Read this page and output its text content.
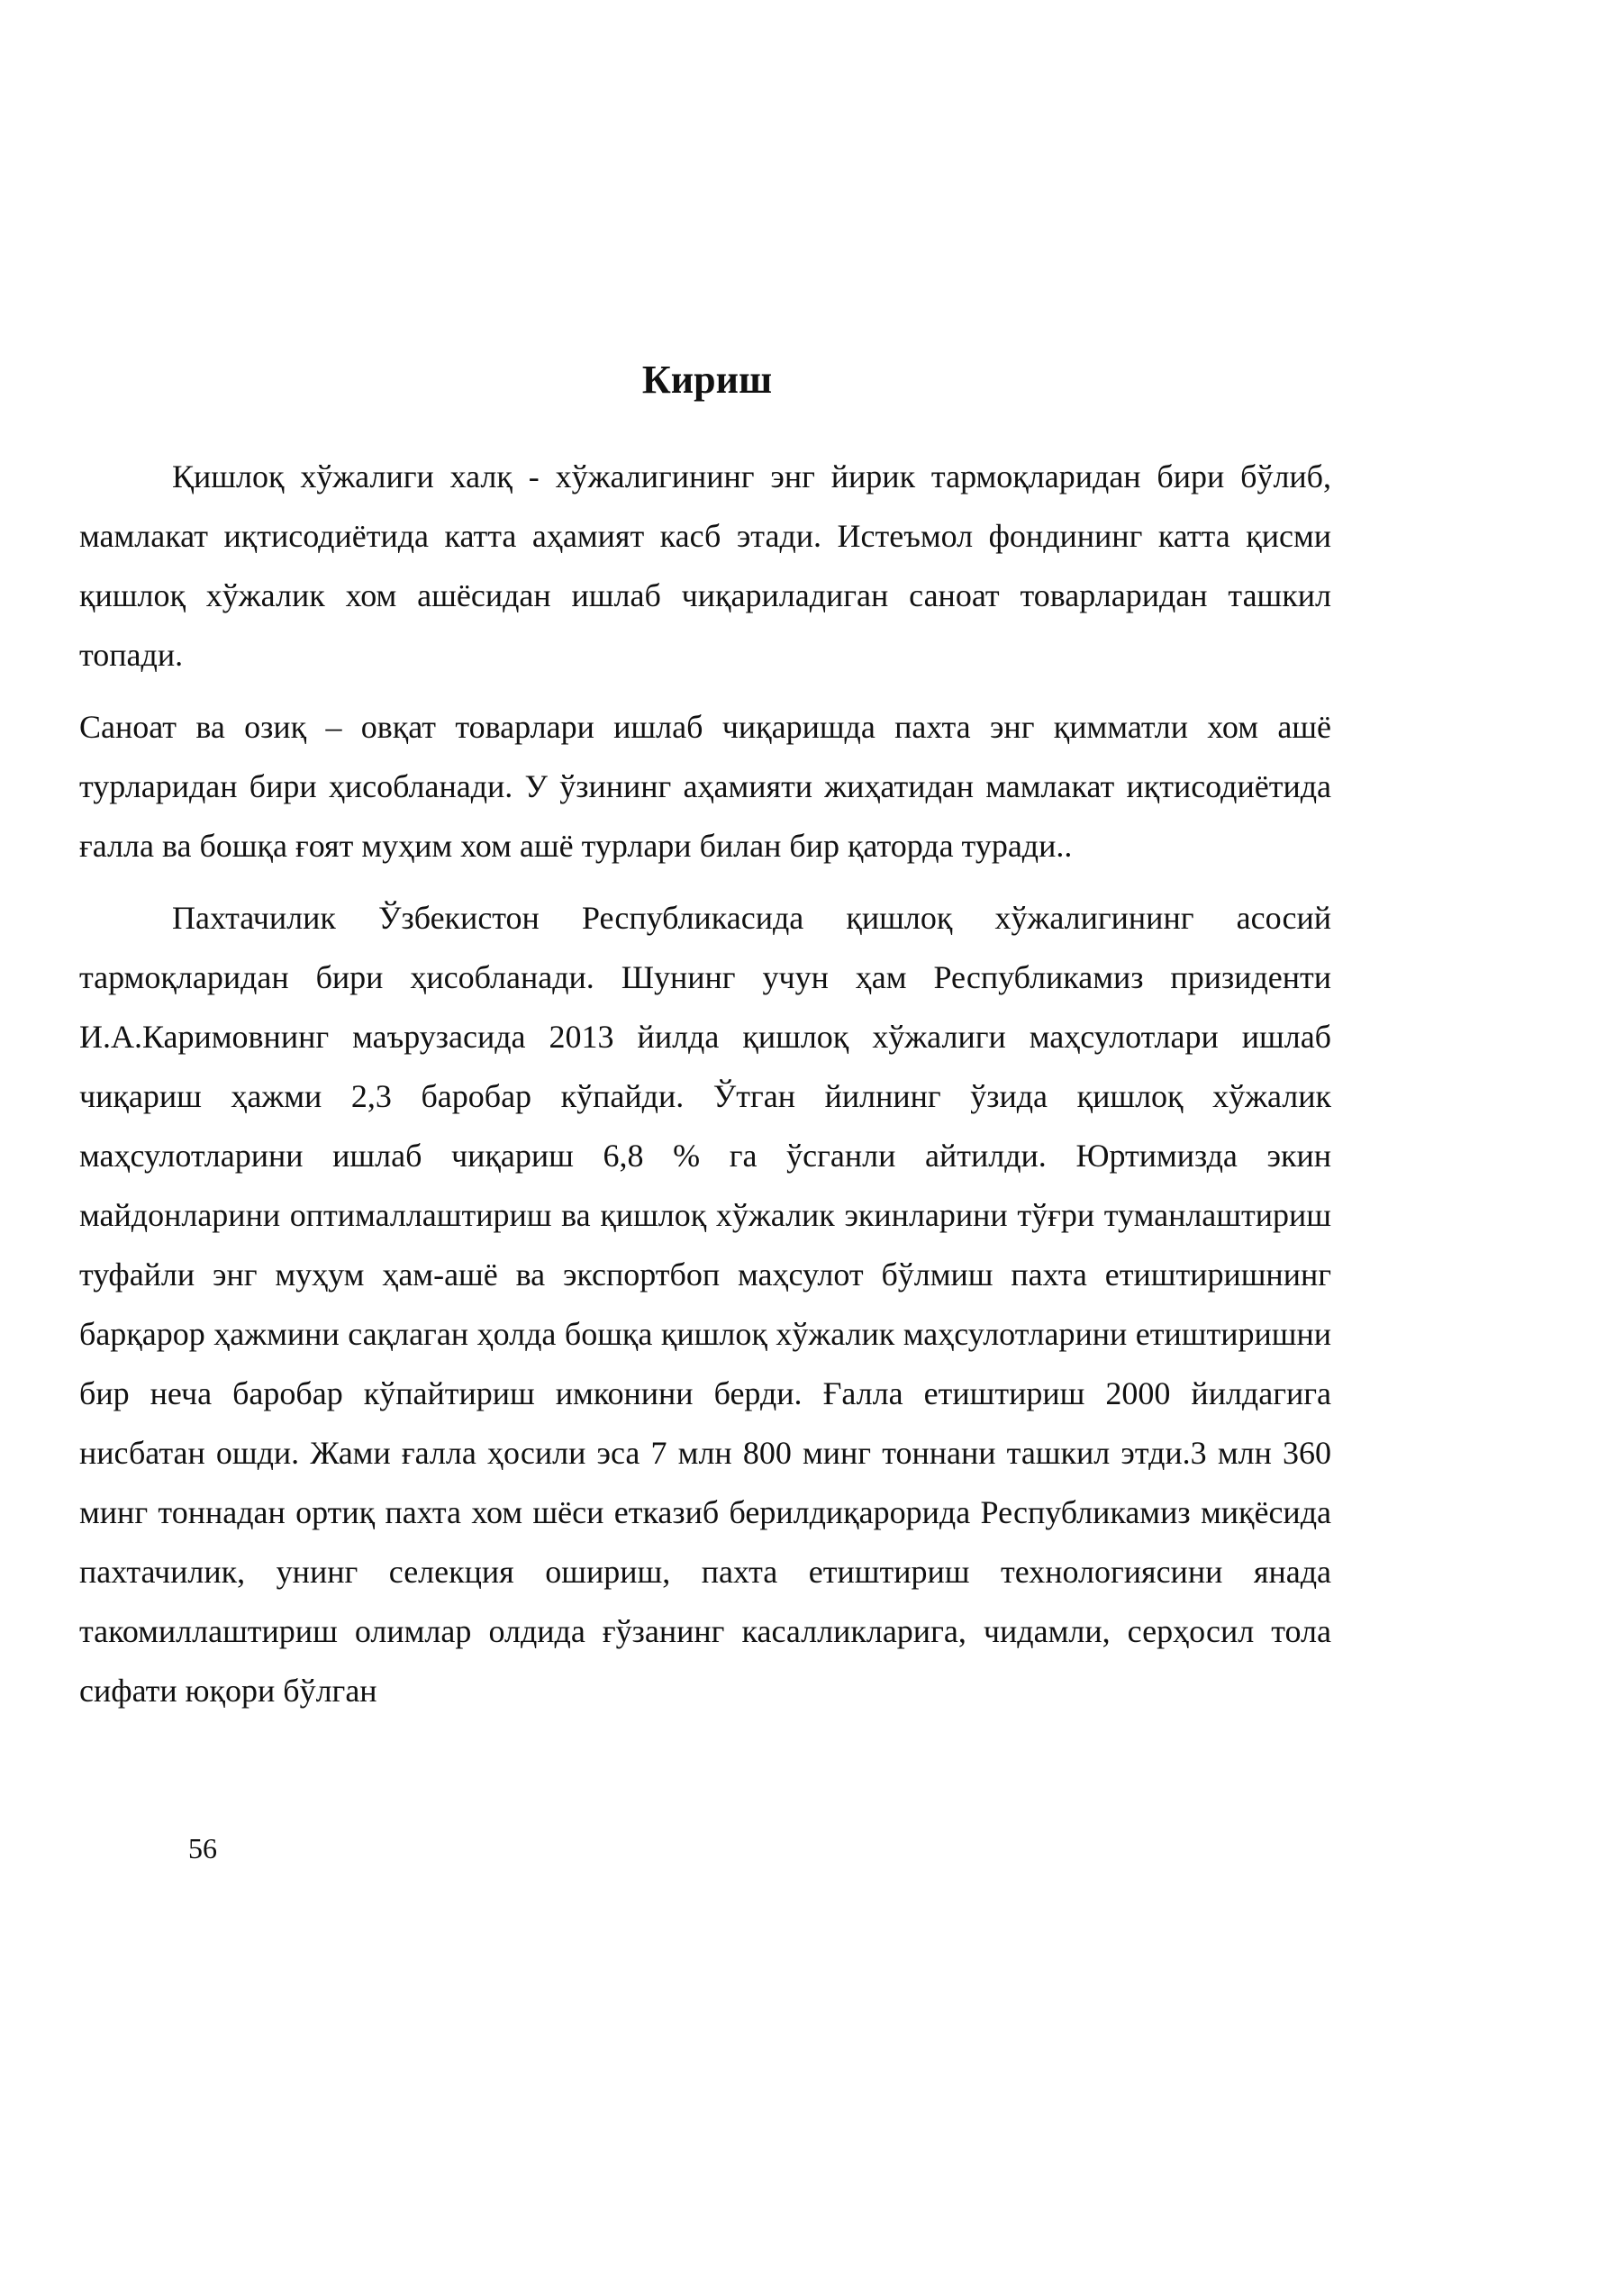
Кириш

Қишлоқ хўжалиги халқ - хўжалигининг энг йирик тармоқларидан бири бўлиб, мамлакат иқтисодиётида катта аҳамият касб этади. Истеъмол фондининг катта қисми қишлоқ хўжалик хом ашёсидан ишлаб чиқариладиган саноат товарларидан ташкил топади.

Саноат ва озиқ – овқат товарлари ишлаб чиқаришда пахта энг қимматли хом ашё турларидан бири ҳисобланади. У ўзининг аҳамияти жиҳатидан мамлакат иқтисодиётида ғалла ва бошқа ғоят муҳим хом ашё турлари билан бир қаторда туради..

Пахтачилик Ўзбекистон Республикасида қишлоқ хўжалигининг асосий тармоқларидан бири ҳисобланади. Шунинг учун ҳам Республикамиз призиденти И.А.Каримовнинг маърузасида 2013 йилда қишлоқ хўжалиги маҳсулотлари ишлаб чиқариш ҳажми 2,3 баробар кўпайди. Ўтган йилнинг ўзида қишлоқ хўжалик маҳсулотларини ишлаб чиқариш 6,8 % га ўсганли айтилди. Юртимизда экин майдонларини оптималлаштириш ва қишлоқ хўжалик экинларини тўғри туманлаштириш туфайли энг муҳум ҳам-ашё ва экспортбоп маҳсулот бўлмиш пахта етиштиришнинг барқарор ҳажмини сақлаган ҳолда бошқа қишлоқ хўжалик маҳсулотларини етиштиришни бир неча баробар кўпайтириш имконини берди. Ғалла етиштириш 2000 йилдагига нисбатан ошди. Жами ғалла ҳосили эса 7 млн 800 минг тоннани ташкил этди.3 млн 360 минг тоннадан ортиқ пахта хом шёси етказиб берилдиқарорида Республикамиз миқёсида пахтачилик, унинг селекция ошириш, пахта етиштириш технологиясини янада такомиллаштириш олимлар олдида ғўзанинг касалликларига, чидамли, серҳосил тола сифати юқори бўлган

56
